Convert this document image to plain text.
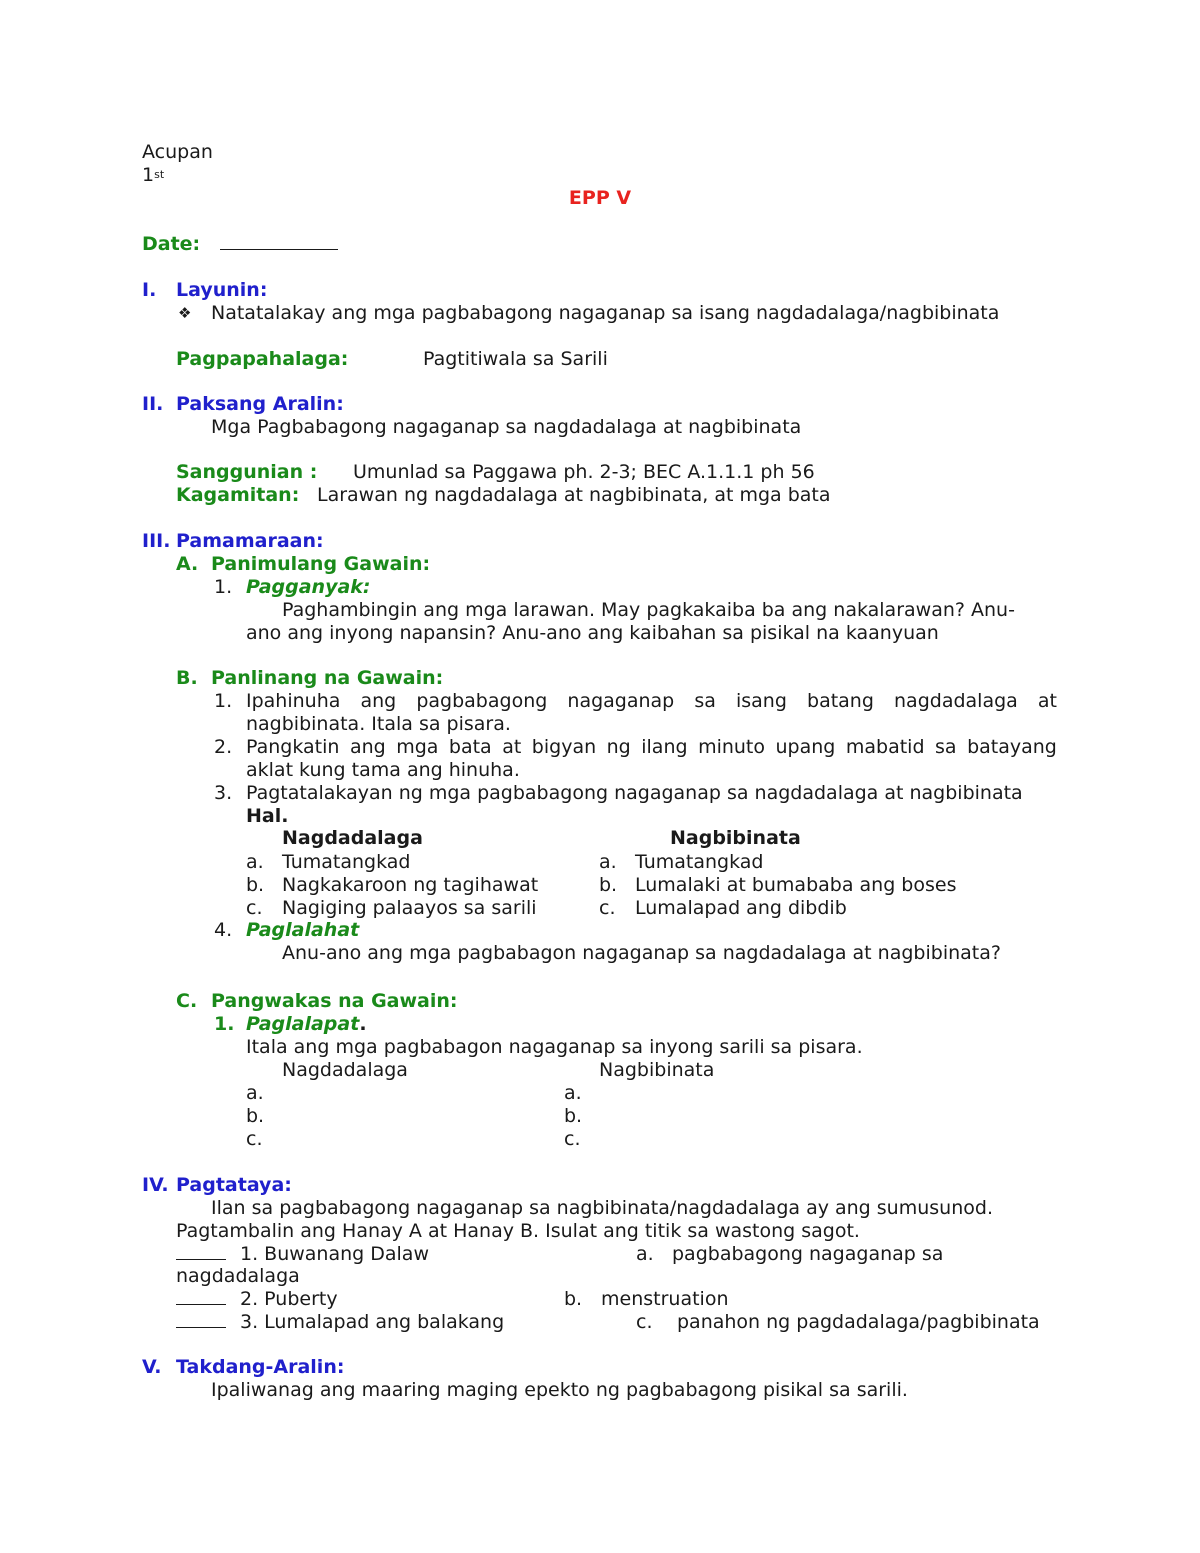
Acupan
1st
EPP V
Date:
I. Layunin:
❖ Natatalakay ang mga pagbabagong nagaganap sa isang nagdadalaga/nagbibinata
Pagpapahalaga:	Pagtitiwala sa Sarili
II. Paksang Aralin:
Mga Pagbabagong nagaganap sa nagdadalaga at nagbibinata
Sanggunian : Umunlad sa Paggawa ph. 2-3; BEC A.1.1.1 ph 56
Kagamitan: Larawan ng nagdadalaga at nagbibinata, at mga bata
III. Pamamaraan:
A. Panimulang Gawain:
1. Pagganyak:
Paghambingin ang mga larawan. May pagkakaiba ba ang nakalarawan? Anu-
ano ang inyong napansin? Anu-ano ang kaibahan sa pisikal na kaanyuan
B. Panlinang na Gawain:
1. Ipahinuha ang pagbabagong nagaganap sa isang batang nagdadalaga at
nagbibinata. Itala sa pisara.
2. Pangkatin ang mga bata at bigyan ng ilang minuto upang mabatid sa batayang
aklat kung tama ang hinuha.
3. Pagtatalakayan ng mga pagbabagong nagaganap sa nagdadalaga at nagbibinata
Hal.
Nagdadalaga	Nagbibinata
a. Tumatangkad	a. Tumatangkad
b. Nagkakaroon ng tagihawat	b. Lumalaki at bumababa ang boses
c. Nagiging palaayos sa sarili	c. Lumalapad ang dibdib
4. Paglalahat
Anu-ano ang mga pagbabagon nagaganap sa nagdadalaga at nagbibinata?
C. Pangwakas na Gawain:
1. Paglalapat.
Itala ang mga pagbabagon nagaganap sa inyong sarili sa pisara.
Nagdadalaga	Nagbibinata
a.	a.
b.	b.
c.	c.
IV. Pagtataya:
Ilan sa pagbabagong nagaganap sa nagbibinata/nagdadalaga ay ang sumusunod.
Pagtambalin ang Hanay A at Hanay B. Isulat ang titik sa wastong sagot.
1. Buwanang Dalaw	a. pagbabagong nagaganap sa
nagdadalaga
2. Puberty	b. menstruation
3. Lumalapad ang balakang	c. panahon ng pagdadalaga/pagbibinata
V. Takdang-Aralin:
Ipaliwanag ang maaring maging epekto ng pagbabagong pisikal sa sarili.
